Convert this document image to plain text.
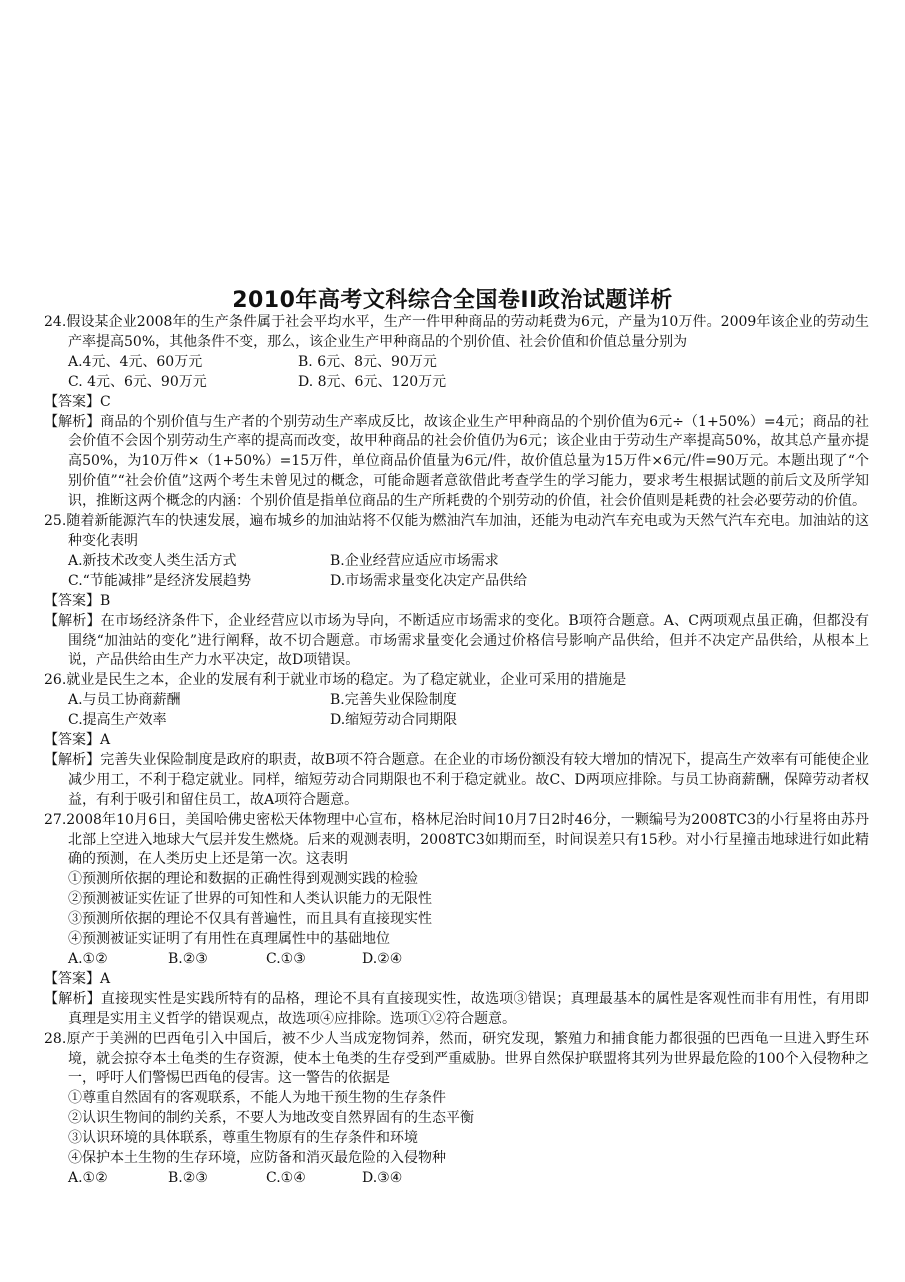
2010年高考文科综合全国卷II政治试题详析

24.假设某企业2008年的生产条件属于社会平均水平，生产一件甲种商品的劳动耗费为6元，产量为10万件。2009年该企业的劳动生产率提高50%，其他条件不变，那么，该企业生产甲种商品的个别价值、社会价值和价值总量分别为

A.4元、4元、60万元	B. 6元、8元、90万元
C. 4元、6元、90万元	D. 8元、6元、120万元

【答案】C

【解析】商品的个别价值与生产者的个别劳动生产率成反比，故该企业生产甲种商品的个别价值为6元÷（1+50%）=4元；商品的社会价值不会因个别劳动生产率的提高而改变，故甲种商品的社会价值仍为6元；该企业由于劳动生产率提高50%，故其总产量亦提高50%，为10万件×（1+50%）=15万件，单位商品价值量为6元/件，故价值总量为15万件×6元/件=90万元。本题出现了“个别价值”“社会价值”这两个考生未曾见过的概念，可能命题者意欲借此考查学生的学习能力，要求考生根据试题的前后文及所学知识，推断这两个概念的内涵：个别价值是指单位商品的生产所耗费的个别劳动的价值，社会价值则是耗费的社会必要劳动的价值。

25.随着新能源汽车的快速发展，遍布城乡的加油站将不仅能为燃油汽车加油，还能为电动汽车充电或为天然气汽车充电。加油站的这种变化表明

A.新技术改变人类生活方式	B.企业经营应适应市场需求
C.“节能减排”是经济发展趋势	D.市场需求量变化决定产品供给

【答案】B

【解析】在市场经济条件下，企业经营应以市场为导向，不断适应市场需求的变化。B项符合题意。A、C两项观点虽正确，但都没有围绕“加油站的变化”进行阐释，故不切合题意。市场需求量变化会通过价格信号影响产品供给，但并不决定产品供给，从根本上说，产品供给由生产力水平决定，故D项错误。

26.就业是民生之本，企业的发展有利于就业市场的稳定。为了稳定就业，企业可采用的措施是

A.与员工协商薪酬	B.完善失业保险制度
C.提高生产效率	D.缩短劳动合同期限

【答案】A

【解析】完善失业保险制度是政府的职责，故B项不符合题意。在企业的市场份额没有较大增加的情况下，提高生产效率有可能使企业减少用工，不利于稳定就业。同样，缩短劳动合同期限也不利于稳定就业。故C、D两项应排除。与员工协商薪酬，保障劳动者权益，有利于吸引和留住员工，故A项符合题意。

27.2008年10月6日，美国哈佛史密松天体物理中心宣布，格林尼治时间10月7日2时46分，一颗编号为2008TC3的小行星将由苏丹北部上空进入地球大气层并发生燃烧。后来的观测表明，2008TC3如期而至，时间误差只有15秒。对小行星撞击地球进行如此精确的预测，在人类历史上还是第一次。这表明

①预测所依据的理论和数据的正确性得到观测实践的检验

②预测被证实佐证了世界的可知性和人类认识能力的无限性

③预测所依据的理论不仅具有普遍性，而且具有直接现实性

④预测被证实证明了有用性在真理属性中的基础地位

A.①②	B.②③	C.①③	D.②④

【答案】A

【解析】直接现实性是实践所特有的品格，理论不具有直接现实性，故选项③错误；真理最基本的属性是客观性而非有用性，有用即真理是实用主义哲学的错误观点，故选项④应排除。选项①②符合题意。

28.原产于美洲的巴西龟引入中国后，被不少人当成宠物饲养，然而，研究发现，繁殖力和捕食能力都很强的巴西龟一旦进入野生环境，就会掠夺本土龟类的生存资源，使本土龟类的生存受到严重威胁。世界自然保护联盟将其列为世界最危险的100个入侵物种之一，呼吁人们警惕巴西龟的侵害。这一警告的依据是

①尊重自然固有的客观联系，不能人为地干预生物的生存条件

②认识生物间的制约关系，不要人为地改变自然界固有的生态平衡

③认识环境的具体联系，尊重生物原有的生存条件和环境

④保护本土生物的生存环境，应防备和消灭最危险的入侵物种

A.①②	B.②③	C.①④	D.③④
